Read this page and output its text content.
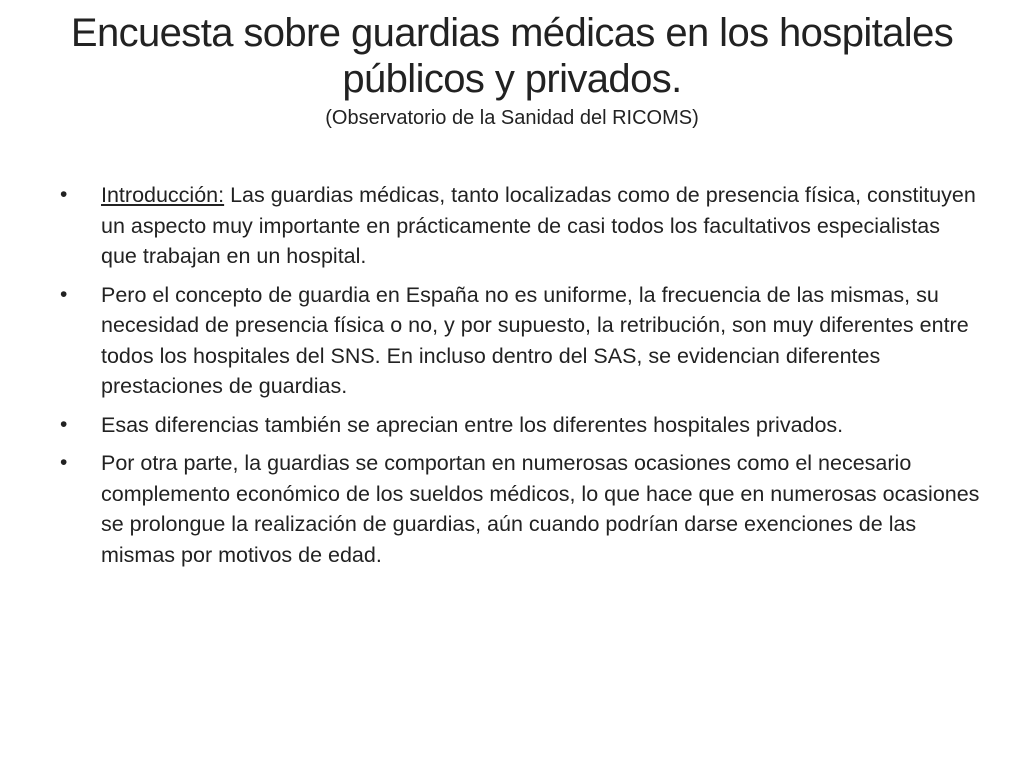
Encuesta sobre guardias médicas en los hospitales públicos y privados.

(Observatorio de la Sanidad del RICOMS)

• Introducción: Las guardias médicas, tanto localizadas como de presencia física, constituyen un aspecto muy importante en prácticamente de casi todos los facultativos especialistas que trabajan en un hospital.
• Pero el concepto de guardia en España no es uniforme, la frecuencia de las mismas, su necesidad de presencia física o no, y por supuesto, la retribución, son muy diferentes entre todos los hospitales del SNS. En incluso dentro del SAS, se evidencian diferentes prestaciones de guardias.
• Esas diferencias también se aprecian entre los diferentes hospitales privados.
• Por otra parte, la guardias se comportan en numerosas ocasiones como el necesario complemento económico de los sueldos médicos, lo que hace que en numerosas ocasiones se prolongue la realización de guardias, aún cuando podrían darse exenciones de las mismas por motivos de edad.
